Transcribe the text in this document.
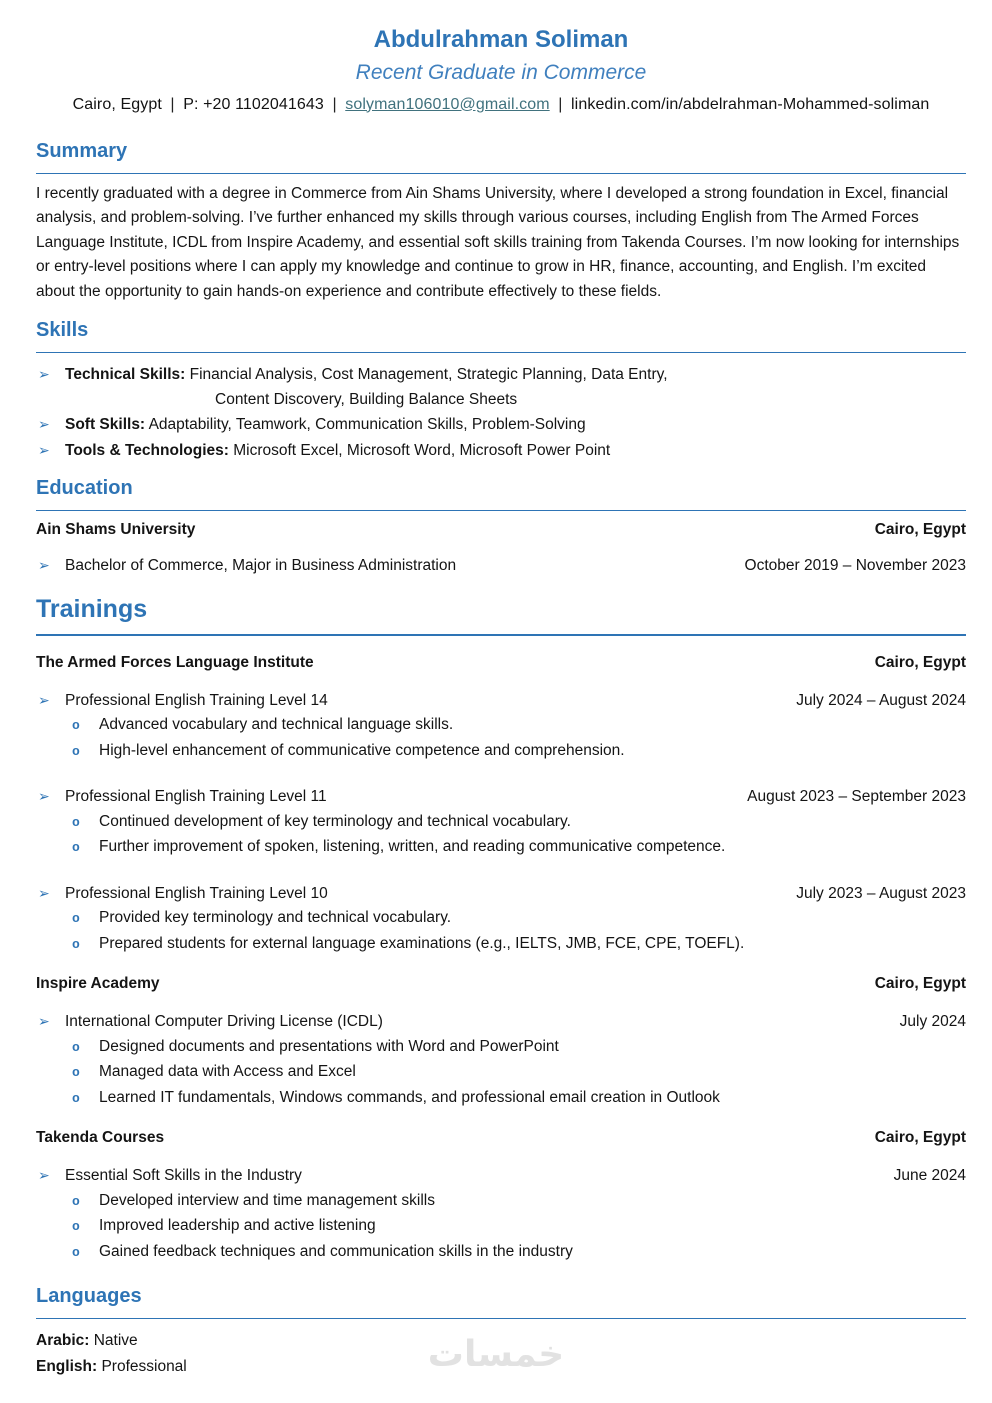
Abdulrahman Soliman
Recent Graduate in Commerce
Cairo, Egypt | P: +20 1102041643 | solyman106010@gmail.com | linkedin.com/in/abdelrahman-Mohammed-soliman
Summary
I recently graduated with a degree in Commerce from Ain Shams University, where I developed a strong foundation in Excel, financial analysis, and problem-solving. I’ve further enhanced my skills through various courses, including English from The Armed Forces Language Institute, ICDL from Inspire Academy, and essential soft skills training from Takenda Courses. I’m now looking for internships or entry-level positions where I can apply my knowledge and continue to grow in HR, finance, accounting, and English. I’m excited about the opportunity to gain hands-on experience and contribute effectively to these fields.
Skills
➢ Technical Skills: Financial Analysis, Cost Management, Strategic Planning, Data Entry,
Content Discovery, Building Balance Sheets
➢ Soft Skills: Adaptability, Teamwork, Communication Skills, Problem-Solving
➢ Tools & Technologies: Microsoft Excel, Microsoft Word, Microsoft Power Point
Education
Ain Shams University	Cairo, Egypt
➢ Bachelor of Commerce, Major in Business Administration	October 2019 – November 2023
Trainings
The Armed Forces Language Institute	Cairo, Egypt
➢ Professional English Training Level 14	July 2024 – August 2024
o	Advanced vocabulary and technical language skills.
o	High-level enhancement of communicative competence and comprehension.
➢ Professional English Training Level 11	August 2023 – September 2023
o	Continued development of key terminology and technical vocabulary.
o	Further improvement of spoken, listening, written, and reading communicative competence.
➢ Professional English Training Level 10	July 2023 – August 2023
o	Provided key terminology and technical vocabulary.
o	Prepared students for external language examinations (e.g., IELTS, JMB, FCE, CPE, TOEFL).
Inspire Academy	Cairo, Egypt
➢ International Computer Driving License (ICDL)	July 2024
o	Designed documents and presentations with Word and PowerPoint
o	Managed data with Access and Excel
o	Learned IT fundamentals, Windows commands, and professional email creation in Outlook
Takenda Courses	Cairo, Egypt
➢ Essential Soft Skills in the Industry	June 2024
o	Developed interview and time management skills
o	Improved leadership and active listening
o	Gained feedback techniques and communication skills in the industry
Languages
Arabic: Native
English: Professional	خمسات
